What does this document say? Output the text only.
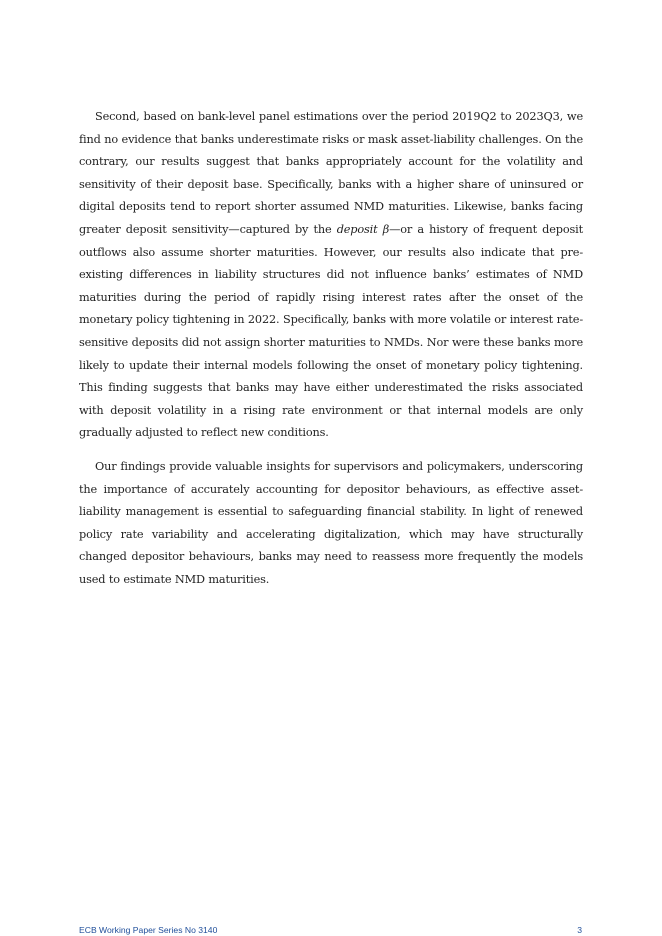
Second, based on bank-level panel estimations over the period 2019Q2 to 2023Q3, we find no evidence that banks underestimate risks or mask asset-liability challenges. On the contrary, our results suggest that banks appropriately account for the volatility and sensitivity of their deposit base. Specifically, banks with a higher share of uninsured or digital deposits tend to report shorter assumed NMD maturities. Likewise, banks facing greater deposit sensitivity—captured by the deposit β—or a history of frequent deposit outflows also assume shorter maturities. However, our results also indicate that pre-existing differences in liability structures did not influence banks’ estimates of NMD maturities during the period of rapidly rising interest rates after the onset of the monetary policy tightening in 2022. Specifically, banks with more volatile or interest rate-sensitive deposits did not assign shorter maturities to NMDs. Nor were these banks more likely to update their internal models following the onset of monetary policy tightening. This finding suggests that banks may have either underestimated the risks associated with deposit volatility in a rising rate environment or that internal models are only gradually adjusted to reflect new conditions.

Our findings provide valuable insights for supervisors and policymakers, underscoring the importance of accurately accounting for depositor behaviours, as effective asset-liability management is essential to safeguarding financial stability. In light of renewed policy rate variability and accelerating digitalization, which may have structurally changed depositor behaviours, banks may need to reassess more frequently the models used to estimate NMD maturities.

ECB Working Paper Series No 3140	3
